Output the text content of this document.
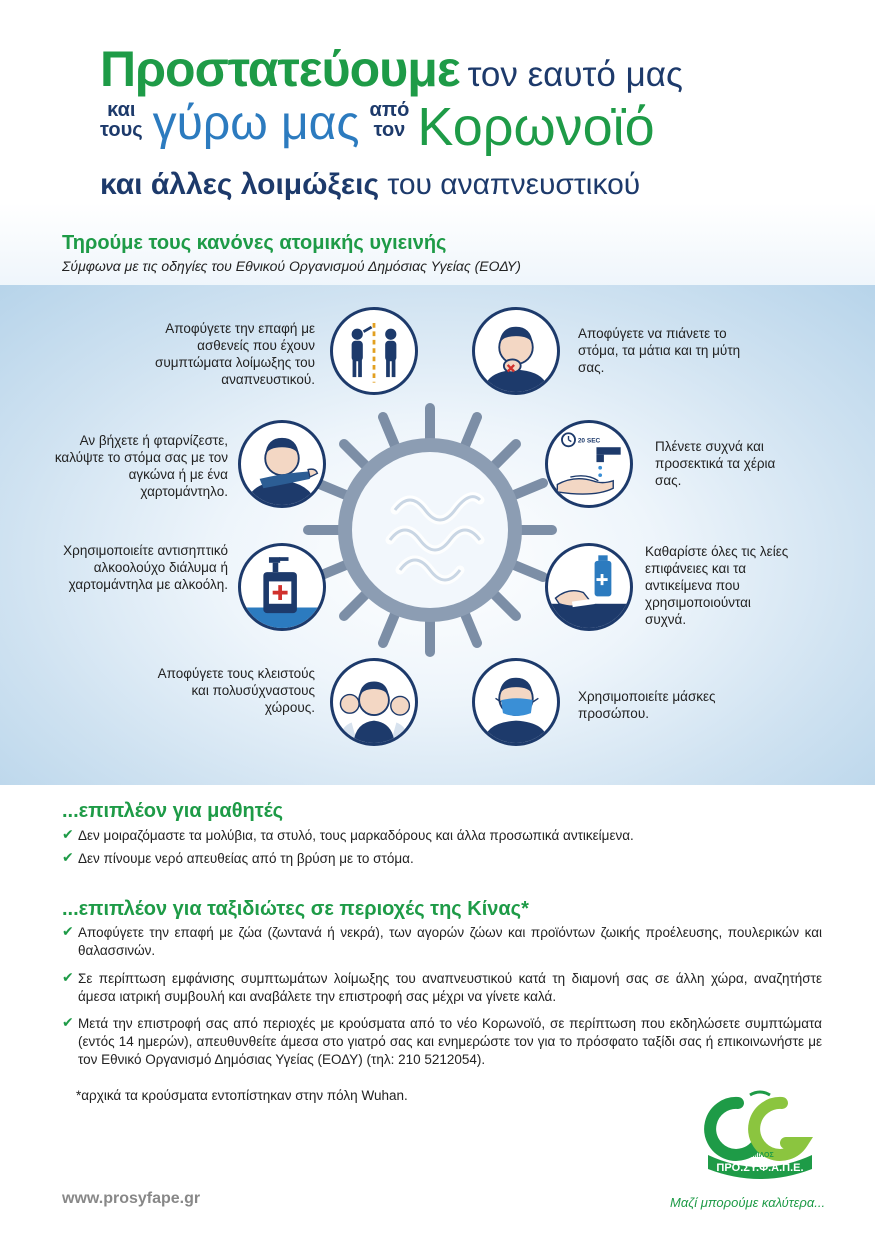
Προστατεύουμε τον εαυτό μας
και
τους γύρω μας από
τον Κορωνοϊό
και άλλες λοιμώξεις του αναπνευστικού
Τηρούμε τους κανόνες ατομικής υγιεινής
Σύμφωνα με τις οδηγίες του Εθνικού Οργανισμού Δημόσιας Υγείας (ΕΟΔΥ)
Αποφύγετε την επαφή με ασθενείς που έχουν συμπτώματα λοίμωξης του αναπνευστικού.
Αποφύγετε να πιάνετε το στόμα, τα μάτια και τη μύτη σας.
Αν βήχετε ή φταρνίζεστε, καλύψτε το στόμα σας με τον αγκώνα ή με ένα χαρτομάντηλο.
20 SEC	Πλένετε συχνά και προσεκτικά τα χέρια σας.
Χρησιμοποιείτε αντισηπτικό αλκοολούχο διάλυμα ή χαρτομάντηλα με αλκοόλη.
Καθαρίστε όλες τις λείες επιφάνειες και τα αντικείμενα που χρησιμοποιούνται συχνά.
Αποφύγετε τους κλειστούς και πολυσύχναστους χώρους.
Χρησιμοποιείτε μάσκες προσώπου.
...επιπλέον για μαθητές
✔ Δεν μοιραζόμαστε τα μολύβια, τα στυλό, τους μαρκαδόρους και άλλα προσωπικά αντικείμενα.
✔ Δεν πίνουμε νερό απευθείας από τη βρύση με το στόμα.
...επιπλέον για ταξιδιώτες σε περιοχές της Κίνας*
✔ Αποφύγετε την επαφή με ζώα (ζωντανά ή νεκρά), των αγορών ζώων και προϊόντων ζωικής προέλευσης, πουλερικών και θαλασσινών.
✔ Σε περίπτωση εμφάνισης συμπτωμάτων λοίμωξης του αναπνευστικού κατά τη διαμονή σας σε άλλη χώρα, αναζητήστε άμεσα ιατρική συμβουλή και αναβάλετε την επιστροφή σας μέχρι να γίνετε καλά.
✔ Μετά την επιστροφή σας από περιοχές με κρούσματα από το νέο Κορωνοϊό, σε περίπτωση που εκδηλώσετε συμπτώματα (εντός 14 ημερών), απευθυνθείτε άμεσα στο γιατρό σας και ενημερώστε τον για το πρόσφατο ταξίδι σας ή επικοινωνήστε με τον Εθνικό Οργανισμό Δημόσιας Υγείας (ΕΟΔΥ) (τηλ: 210 5212054).
*αρχικά τα κρούσματα εντοπίστηκαν στην πόλη Wuhan.
ΟΜΙΛΟΣ
ΠΡΟ.ΣΥ.Φ.Α.Π.Ε.
www.prosyfape.gr	Μαζί μπορούμε καλύτερα...
